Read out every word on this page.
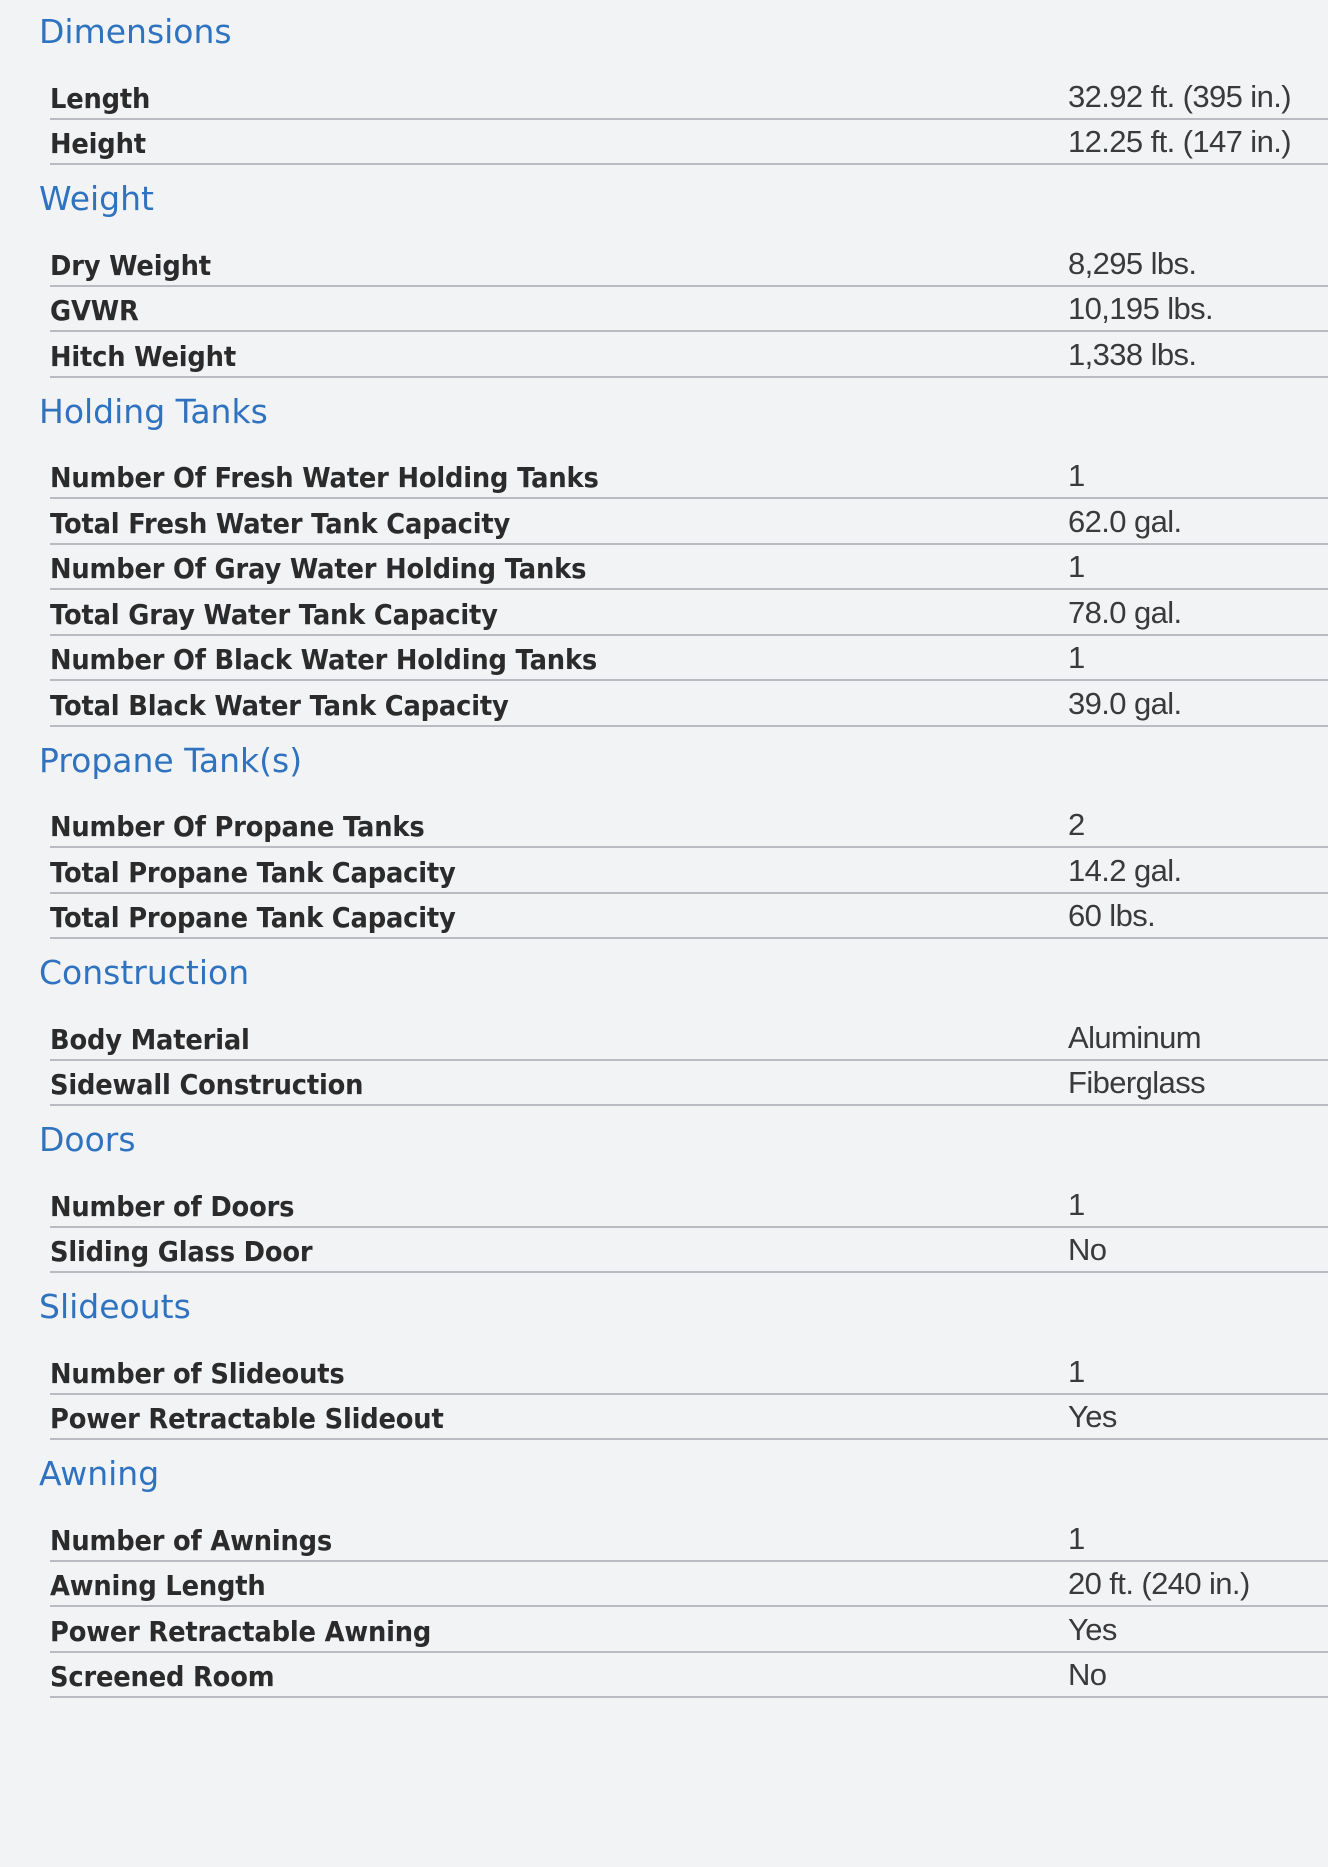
Dimensions
Length	32.92 ft. (395 in.)
Height	12.25 ft. (147 in.)
Weight
Dry Weight	8,295 lbs.
GVWR	10,195 lbs.
Hitch Weight	1,338 lbs.
Holding Tanks
Number Of Fresh Water Holding Tanks	1
Total Fresh Water Tank Capacity	62.0 gal.
Number Of Gray Water Holding Tanks	1
Total Gray Water Tank Capacity	78.0 gal.
Number Of Black Water Holding Tanks	1
Total Black Water Tank Capacity	39.0 gal.
Propane Tank(s)
Number Of Propane Tanks	2
Total Propane Tank Capacity	14.2 gal.
Total Propane Tank Capacity	60 lbs.
Construction
Body Material	Aluminum
Sidewall Construction	Fiberglass
Doors
Number of Doors	1
Sliding Glass Door	No
Slideouts
Number of Slideouts	1
Power Retractable Slideout	Yes
Awning
Number of Awnings	1
Awning Length	20 ft. (240 in.)
Power Retractable Awning	Yes
Screened Room	No
